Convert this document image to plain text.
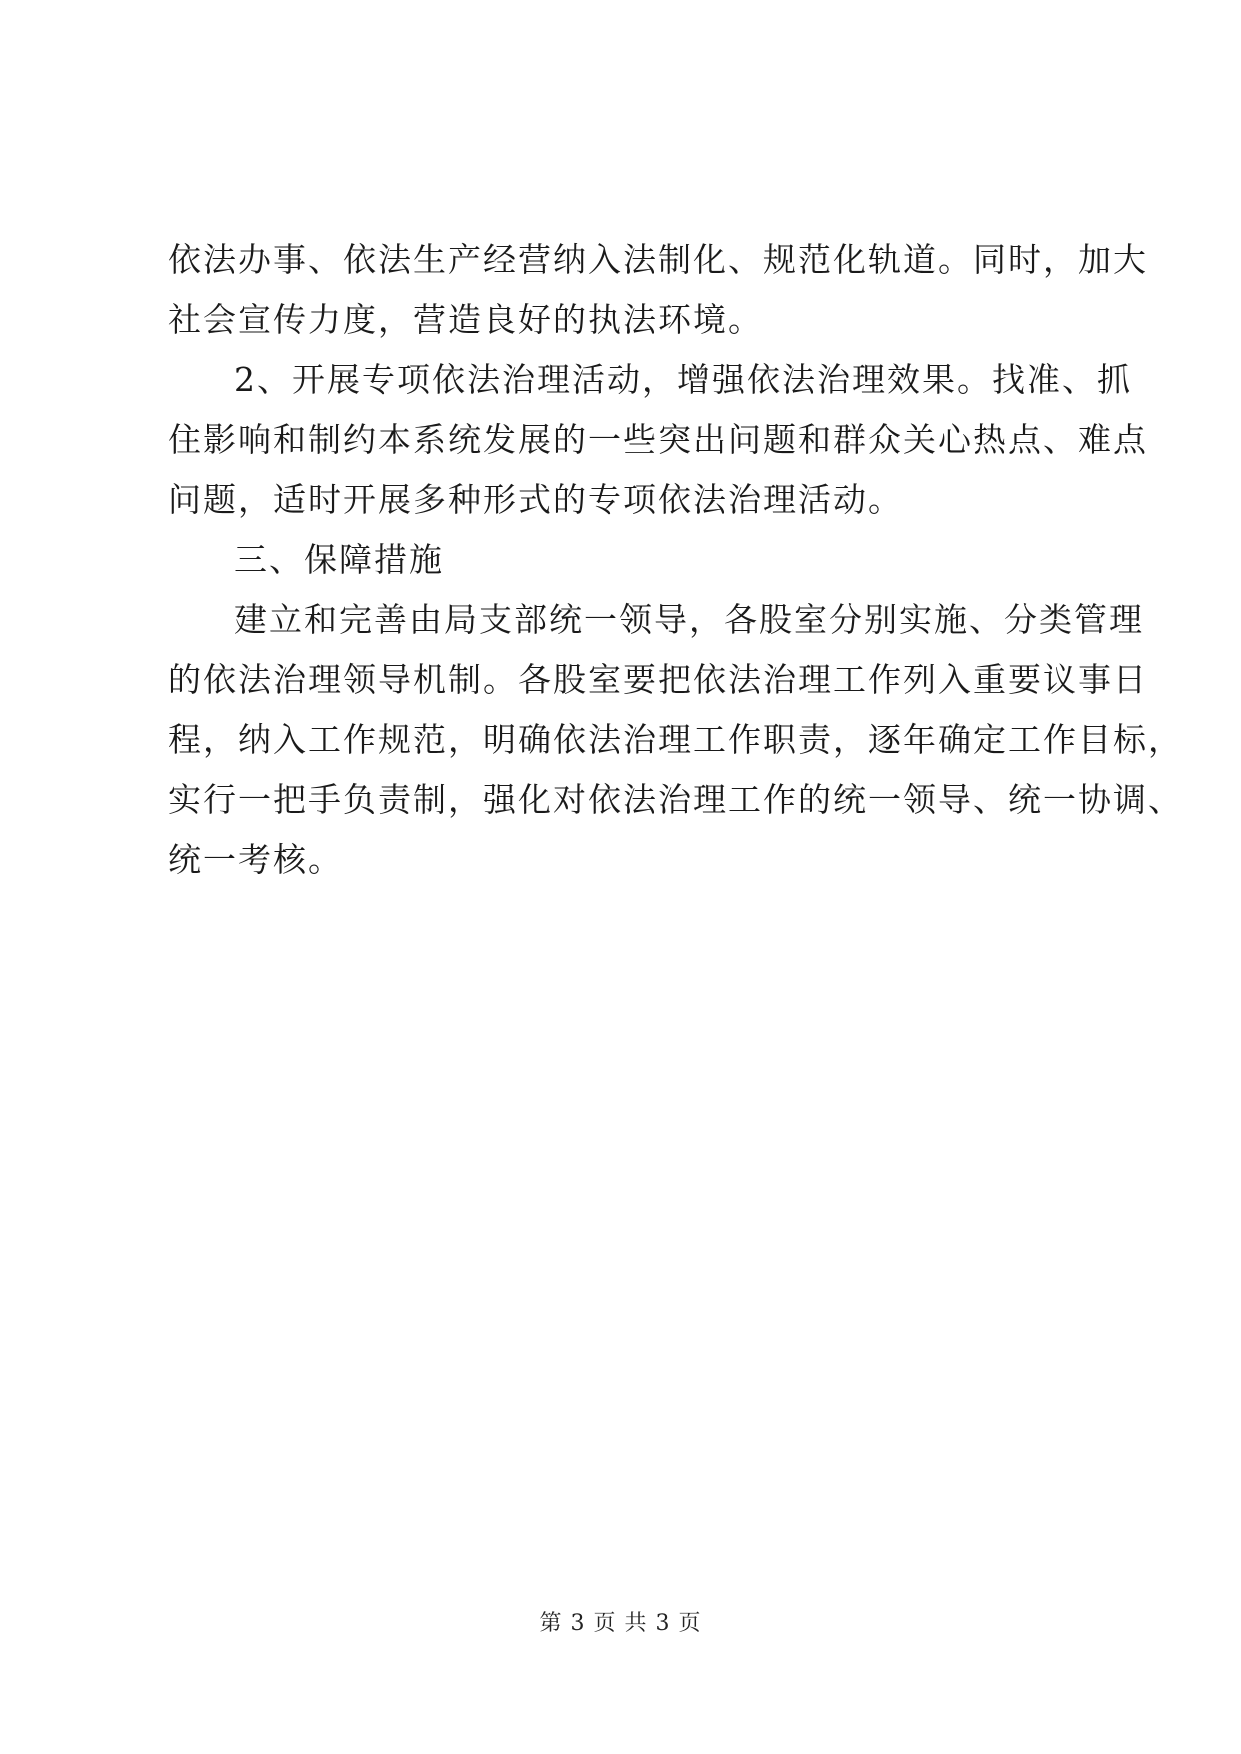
依法办事、依法生产经营纳入法制化、规范化轨道。同时，加大
社会宣传力度，营造良好的执法环境。
2、开展专项依法治理活动，增强依法治理效果。找准、抓
住影响和制约本系统发展的一些突出问题和群众关心热点、难点
问题，适时开展多种形式的专项依法治理活动。
三、保障措施
建立和完善由局支部统一领导，各股室分别实施、分类管理
的依法治理领导机制。各股室要把依法治理工作列入重要议事日
程，纳入工作规范，明确依法治理工作职责，逐年确定工作目标，
实行一把手负责制，强化对依法治理工作的统一领导、统一协调、
统一考核。
第 3 页 共 3 页
